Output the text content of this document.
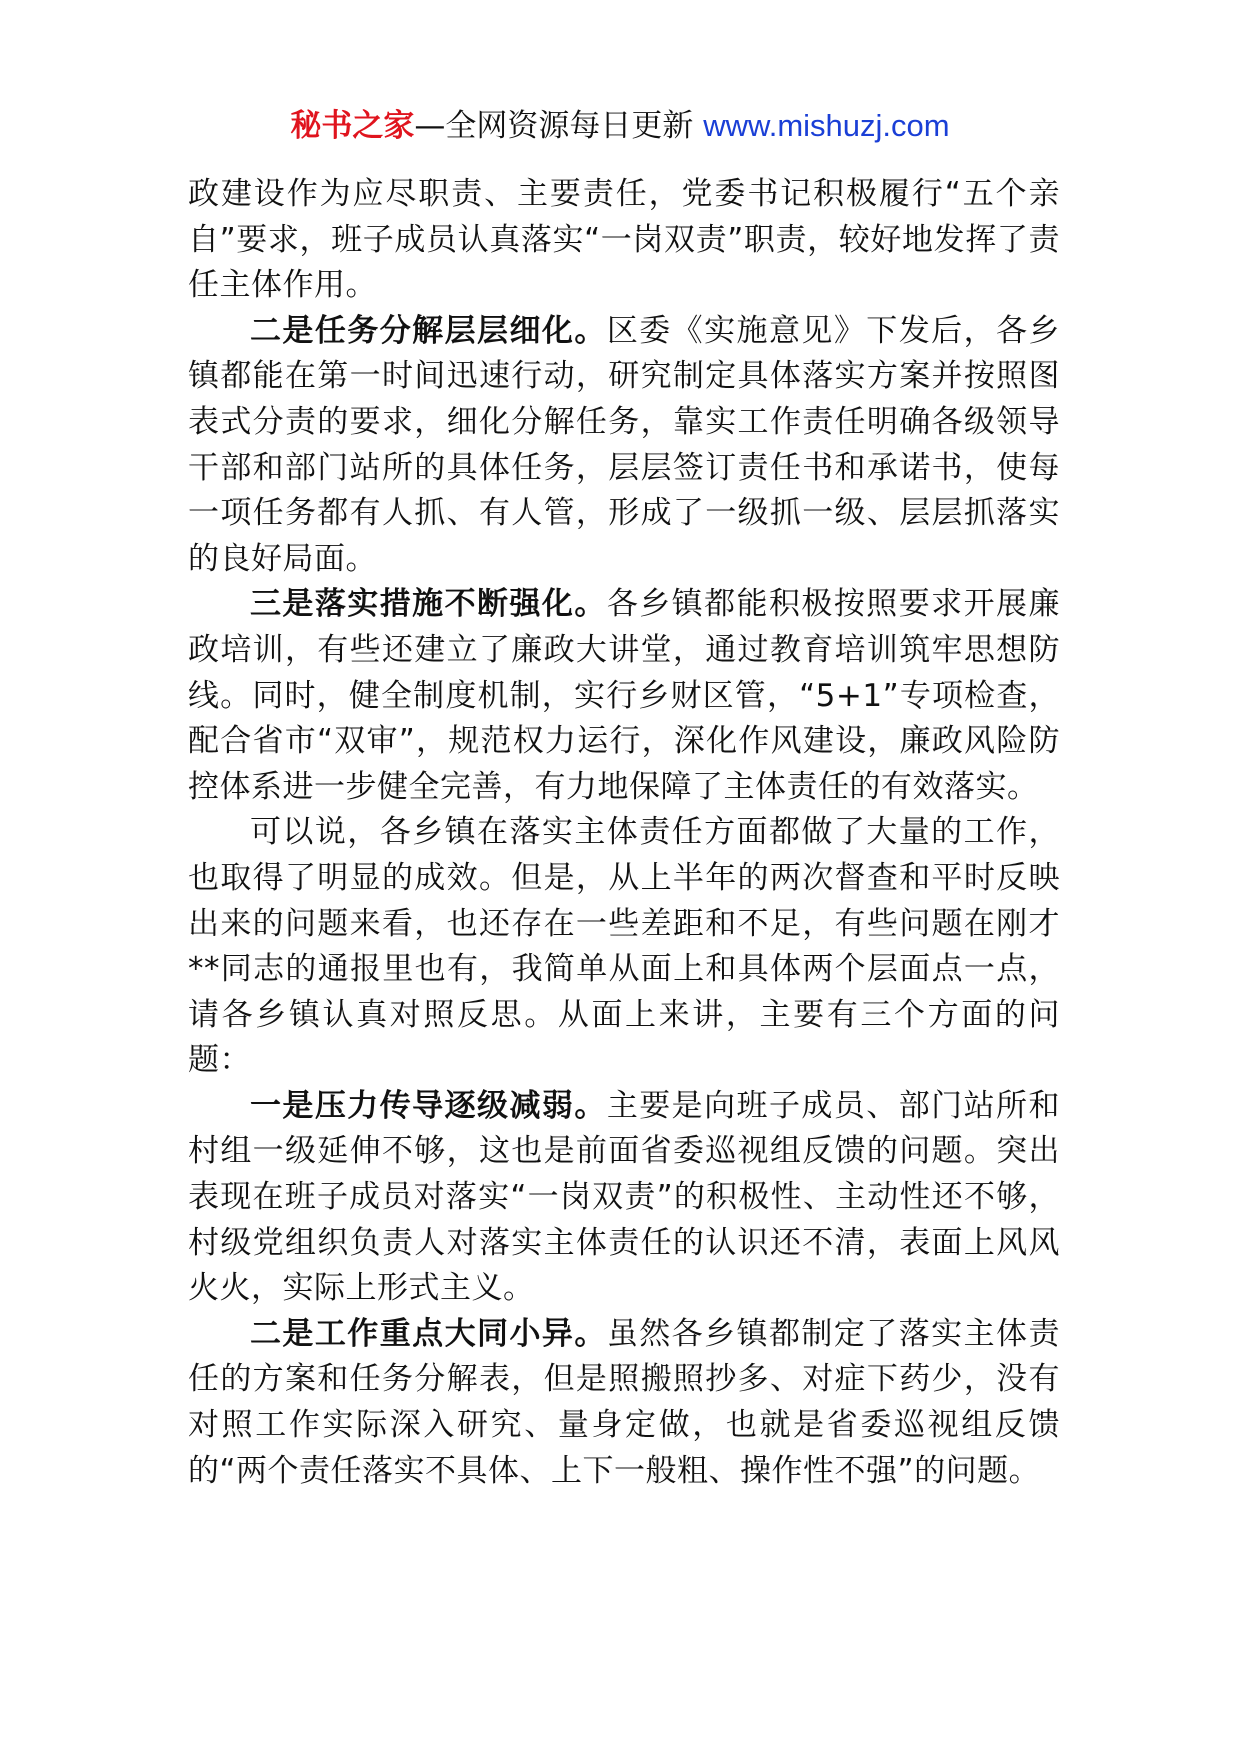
秘书之家—全网资源每日更新 www.mishuzj.com

政建设作为应尽职责、主要责任，党委书记积极履行“五个亲自”要求，班子成员认真落实“一岗双责”职责，较好地发挥了责任主体作用。

二是任务分解层层细化。区委《实施意见》下发后，各乡镇都能在第一时间迅速行动，研究制定具体落实方案并按照图表式分责的要求，细化分解任务，靠实工作责任明确各级领导干部和部门站所的具体任务，层层签订责任书和承诺书，使每一项任务都有人抓、有人管，形成了一级抓一级、层层抓落实的良好局面。

三是落实措施不断强化。各乡镇都能积极按照要求开展廉政培训，有些还建立了廉政大讲堂，通过教育培训筑牢思想防线。同时，健全制度机制，实行乡财区管，“5+1”专项检查，配合省市“双审”，规范权力运行，深化作风建设，廉政风险防控体系进一步健全完善，有力地保障了主体责任的有效落实。

可以说，各乡镇在落实主体责任方面都做了大量的工作，也取得了明显的成效。但是，从上半年的两次督查和平时反映出来的问题来看，也还存在一些差距和不足，有些问题在刚才**同志的通报里也有，我简单从面上和具体两个层面点一点，请各乡镇认真对照反思。从面上来讲，主要有三个方面的问题：

一是压力传导逐级减弱。主要是向班子成员、部门站所和村组一级延伸不够，这也是前面省委巡视组反馈的问题。突出表现在班子成员对落实“一岗双责”的积极性、主动性还不够，村级党组织负责人对落实主体责任的认识还不清，表面上风风火火，实际上形式主义。

二是工作重点大同小异。虽然各乡镇都制定了落实主体责任的方案和任务分解表，但是照搬照抄多、对症下药少，没有对照工作实际深入研究、量身定做，也就是省委巡视组反馈的“两个责任落实不具体、上下一般粗、操作性不强”的问题。
